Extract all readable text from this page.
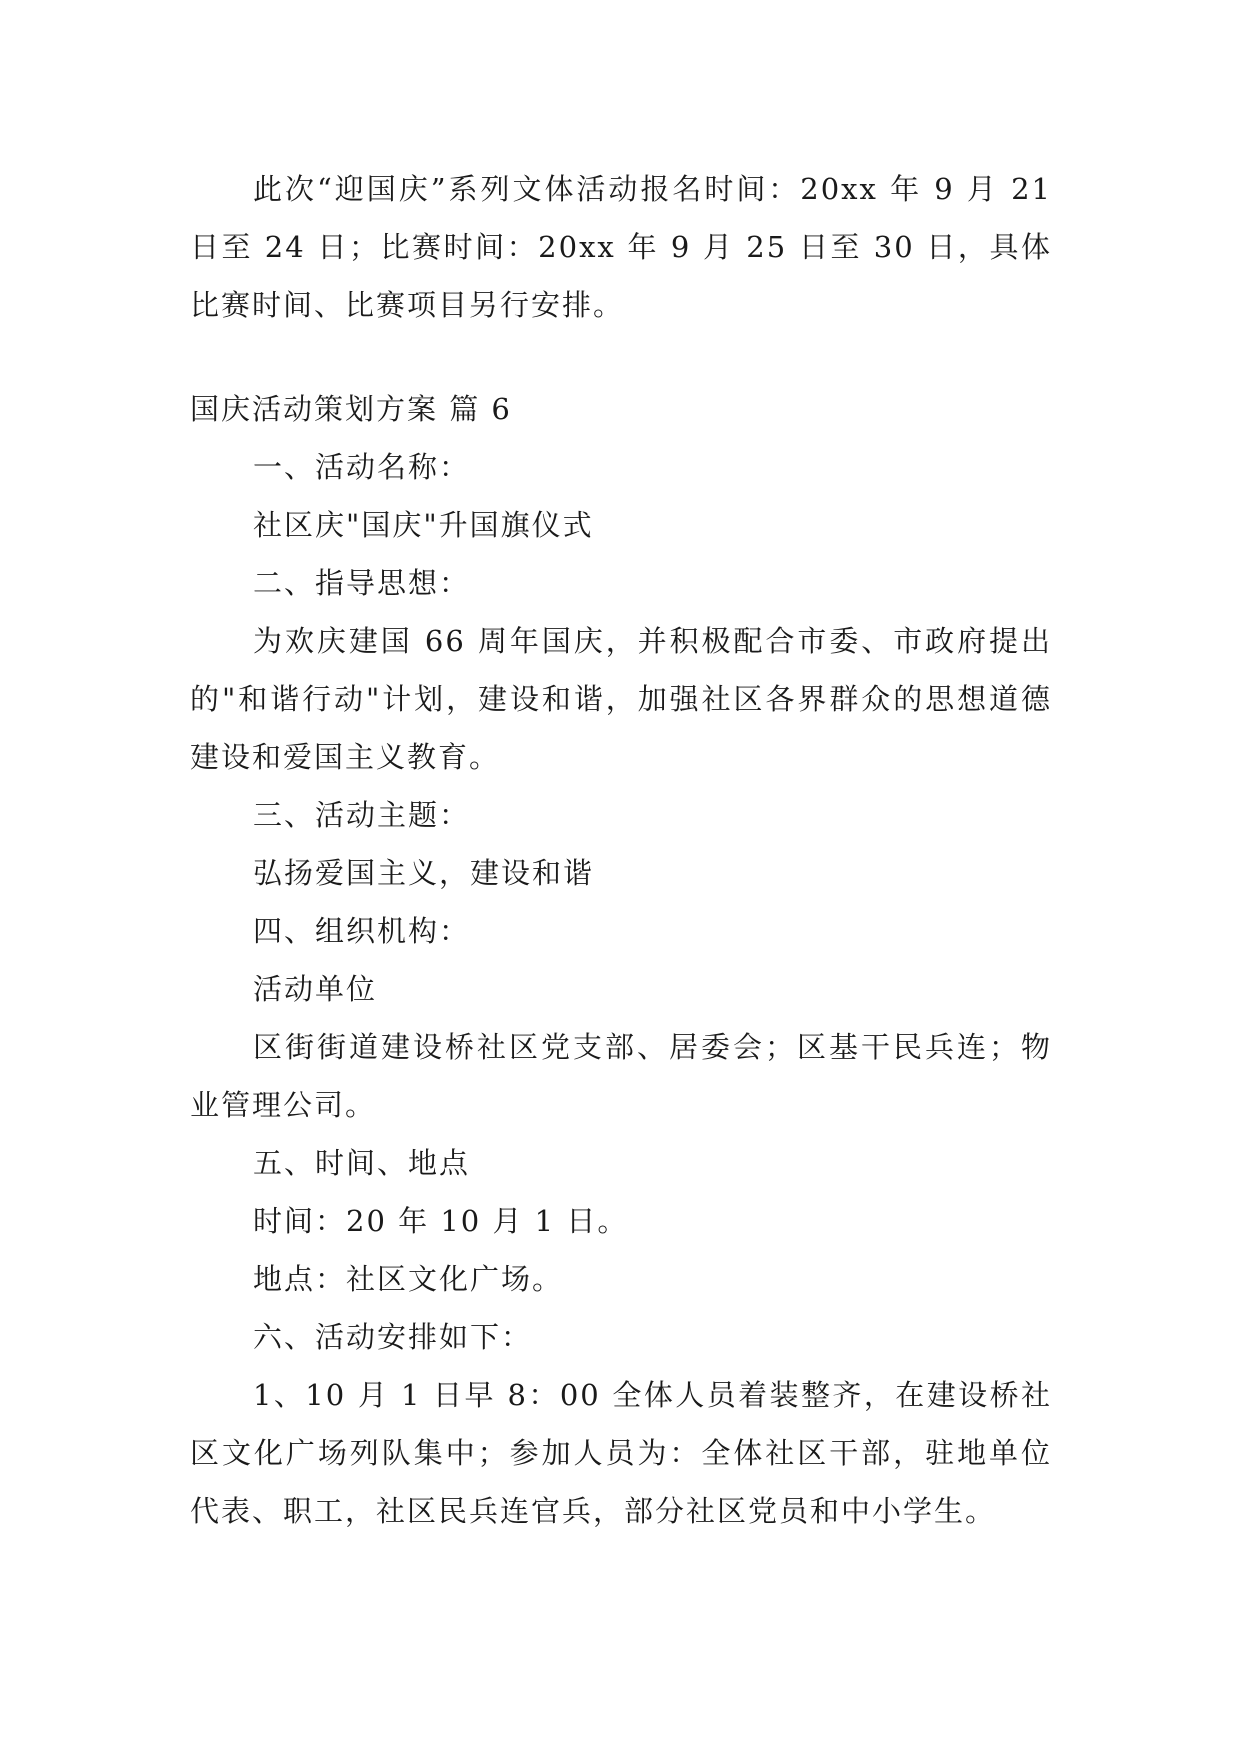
此次“迎国庆”系列文体活动报名时间：20xx 年 9 月 21 日至 24 日；比赛时间：20xx 年 9 月 25 日至 30 日，具体比赛时间、比赛项目另行安排。

国庆活动策划方案 篇 6

一、活动名称：

社区庆"国庆"升国旗仪式

二、指导思想：

为欢庆建国 66 周年国庆，并积极配合市委、市政府提出的"和谐行动"计划，建设和谐，加强社区各界群众的思想道德建设和爱国主义教育。

三、活动主题：

弘扬爱国主义，建设和谐

四、组织机构：

活动单位

区街街道建设桥社区党支部、居委会；区基干民兵连；物业管理公司。

五、时间、地点

时间：20 年 10 月 1 日。

地点：社区文化广场。

六、活动安排如下：

1、10 月 1 日早 8：00 全体人员着装整齐，在建设桥社区文化广场列队集中；参加人员为：全体社区干部，驻地单位代表、职工，社区民兵连官兵，部分社区党员和中小学生。
